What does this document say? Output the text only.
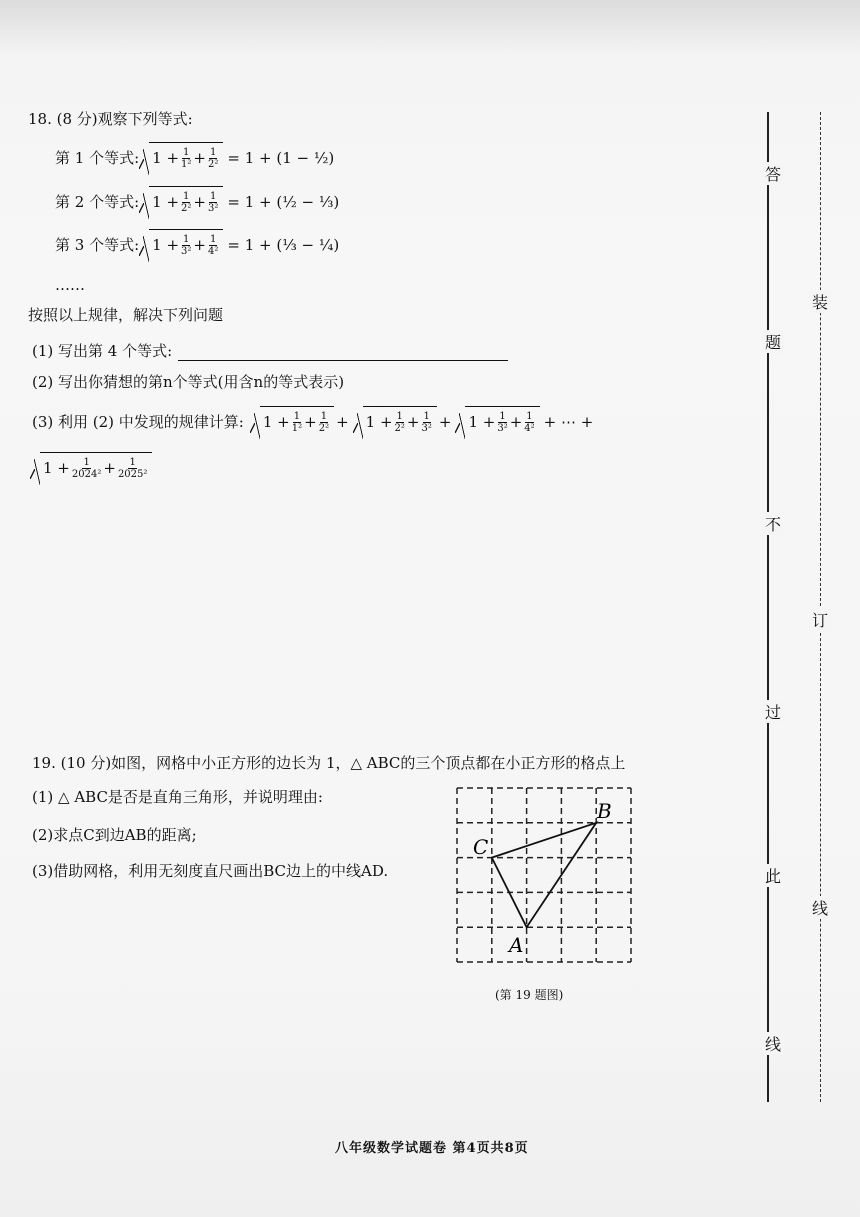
18. (8 分)观察下列等式:
第 1 个等式: 1 + 1
1² + 1
2² = 1 + (1 − ½)
第 2 个等式: 1 + 1
2² + 1
3² = 1 + (½ − ⅓)
第 3 个等式: 1 + 1
3² + 1
4² = 1 + (⅓ − ¼)
……
按照以上规律，解决下列问题
(1) 写出第 4 个等式:
(2) 写出你猜想的第n个等式(用含n的等式表示)
(3) 利用 (2) 中发现的规律计算: 1 + 1
1² + 1
2² + 1 + 1
2² + 1
3² + 1 + 1
3² + 1
4² + ⋯ +
1 + 1
2024² + 1
2025²
19. (10 分)如图，网格中小正方形的边长为 1，△ ABC的三个顶点都在小正方形的格点上
(1) △ ABC是否是直角三角形，并说明理由:
(2)求点C到边AB的距离;
(3)借助网格，利用无刻度直尺画出BC边上的中线AD.
B
C
A
(第 19 题图)
答
装
题
不
订
过
此
线
线
八年级数学试题卷 第4页共8页
